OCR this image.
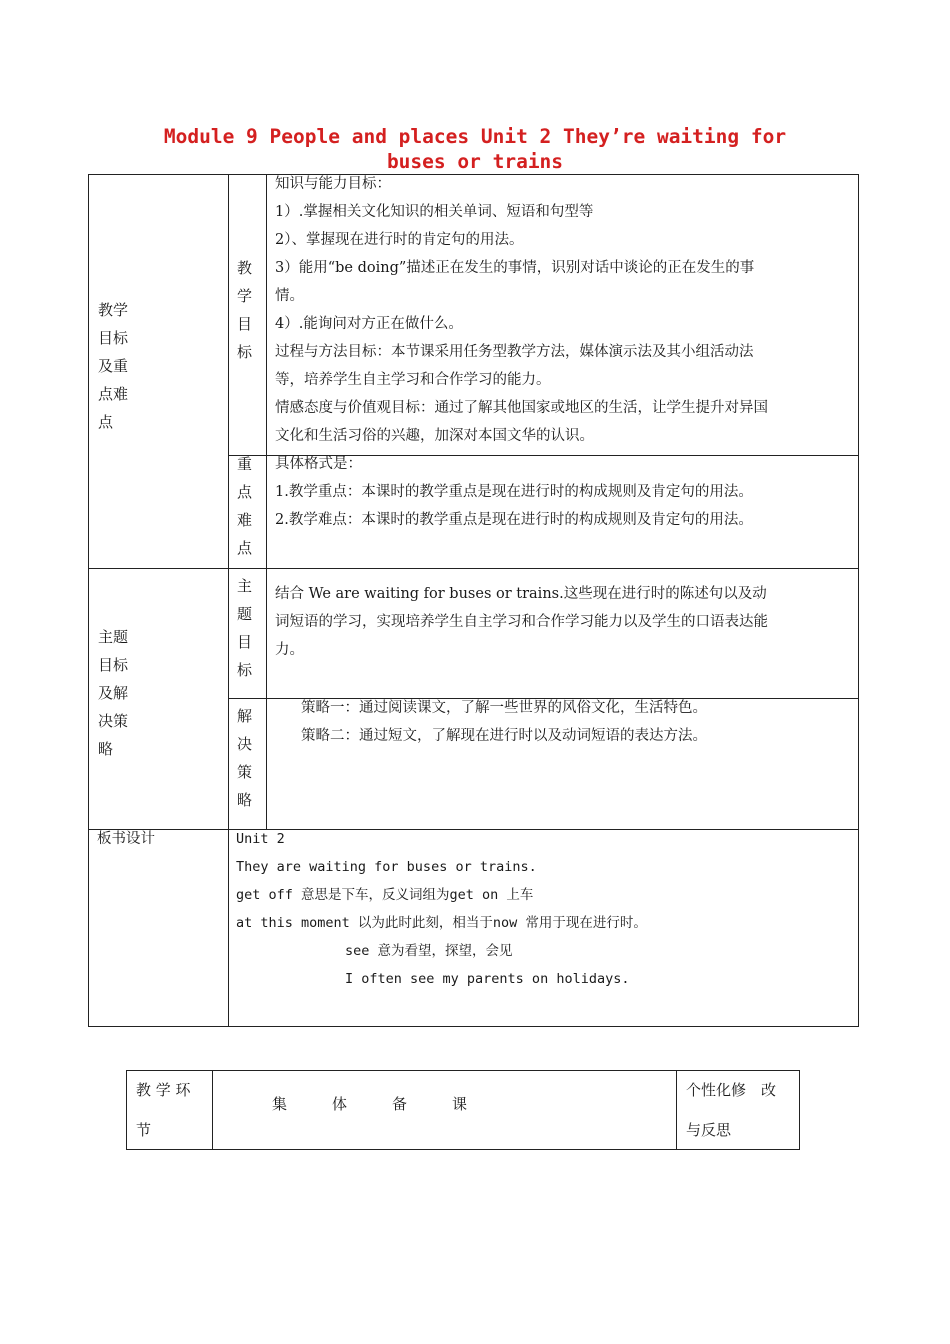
Module 9 People and places Unit 2 They’re waiting for
buses or trains
教学
目标
及重
点难
点
教
学
目
标
知识与能力目标：
1）.掌握相关文化知识的相关单词、短语和句型等
2）、掌握现在进行时的肯定句的用法。
3）能用“be doing”描述正在发生的事情，识别对话中谈论的正在发生的事
情。
4）.能询问对方正在做什么。
过程与方法目标：本节课采用任务型教学方法，媒体演示法及其小组活动法
等，培养学生自主学习和合作学习的能力。
情感态度与价值观目标：通过了解其他国家或地区的生活，让学生提升对异国
文化和生活习俗的兴趣，加深对本国文华的认识。
重
点
难
点
具体格式是：
1.教学重点：本课时的教学重点是现在进行时的构成规则及肯定句的用法。
2.教学难点：本课时的教学重点是现在进行时的构成规则及肯定句的用法。
主题
目标
及解
决策
略
主
题
目
标
结合 We are waiting for buses or trains.这些现在进行时的陈述句以及动
词短语的学习，实现培养学生自主学习和合作学习能力以及学生的口语表达能
力。
解
决
策
略
策略一：通过阅读课文，了解一些世界的风俗文化，生活特色。
策略二：通过短文，了解现在进行时以及动词短语的表达方法。
板书设计	Unit 2
They are waiting for buses or trains.
get off 意思是下车，反义词组为get on 上车
at this moment 以为此时此刻，相当于now 常用于现在进行时。
see 意为看望，探望，会见
I often see my parents on holidays.
教 学 环
节
集　　　体　　　备　　　课
个性化修　改
与反思
